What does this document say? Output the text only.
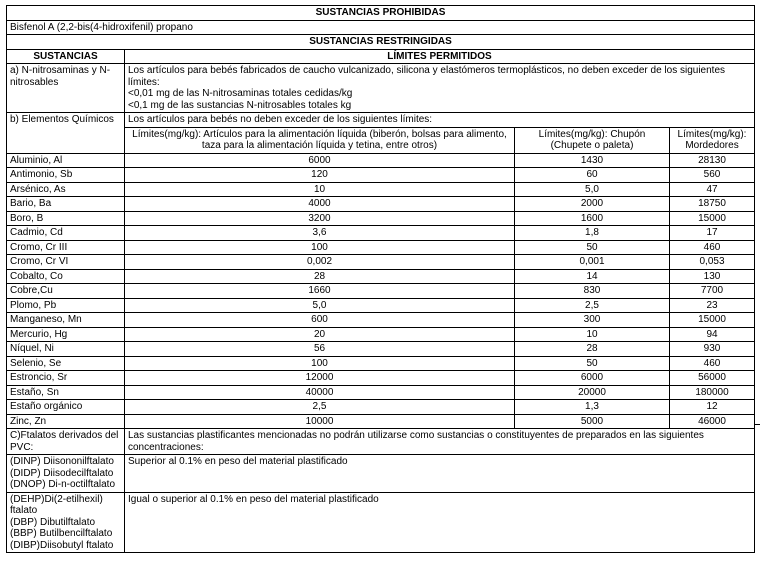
SUSTANCIAS PROHIBIDAS			
Bisfenol A (2,2-bis(4-hidroxifenil) propano			
SUSTANCIAS RESTRINGIDAS			
SUSTANCIAS	LÍMITES PERMITIDOS		

a) N-nitrosaminas y N-
nitrosables	Los artículos para bebés fabricados de caucho vulcanizado, silicona y elastómeros termoplásticos, no deben exceder de los siguientes límites:
<0,01 mg de las N-nitrosaminas totales cedidas/kg
<0,1 mg de las sustancias N-nitrosables totales kg		

b) Elementos Químicos	Los artículos para bebés no deben exceder de los siguientes límites:		
	Límites(mg/kg): Artículos para la alimentación líquida (biberón, bolsas para alimento, taza para la alimentación líquida y tetina, entre otros)	Límites(mg/kg): Chupón (Chupete o paleta)	Límites(mg/kg): Mordedores
Aluminio, Al	6000	1430	28130
Antimonio, Sb	120	60	560
Arsénico, As	10	5,0	47
Bario, Ba	4000	2000	18750
Boro, B	3200	1600	15000
Cadmio, Cd	3,6	1,8	17
Cromo, Cr III	100	50	460
Cromo, Cr VI	0,002	0,001	0,053
Cobalto, Co	28	14	130
Cobre,Cu	1660	830	7700
Plomo, Pb	5,0	2,5	23
Manganeso, Mn	600	300	15000
Mercurio, Hg	20	10	94
Níquel, Ni	56	28	930
Selenio, Se	100	50	460
Estroncio, Sr	12000	6000	56000
Estaño, Sn	40000	20000	180000
Estaño orgánico	2,5	1,3	12
Zinc, Zn	10000	5000	46000

C)Ftalatos derivados del
PVC:	Las sustancias plastificantes mencionadas no podrán utilizarse como sustancias o constituyentes de preparados en las siguientes concentraciones:		

(DINP) Diisononilftalato
(DIDP) Diisodecilftalato
(DNOP) Di-n-octilftalato	Superior al 0.1% en peso del material plastificado		

(DEHP)Di(2-etilhexil) ftalato
(DBP) Dibutilftalato
(BBP) Butilbencilftalato
(DIBP)Diisobutyl ftalato	Igual o superior al 0.1% en peso del material plastificado		
